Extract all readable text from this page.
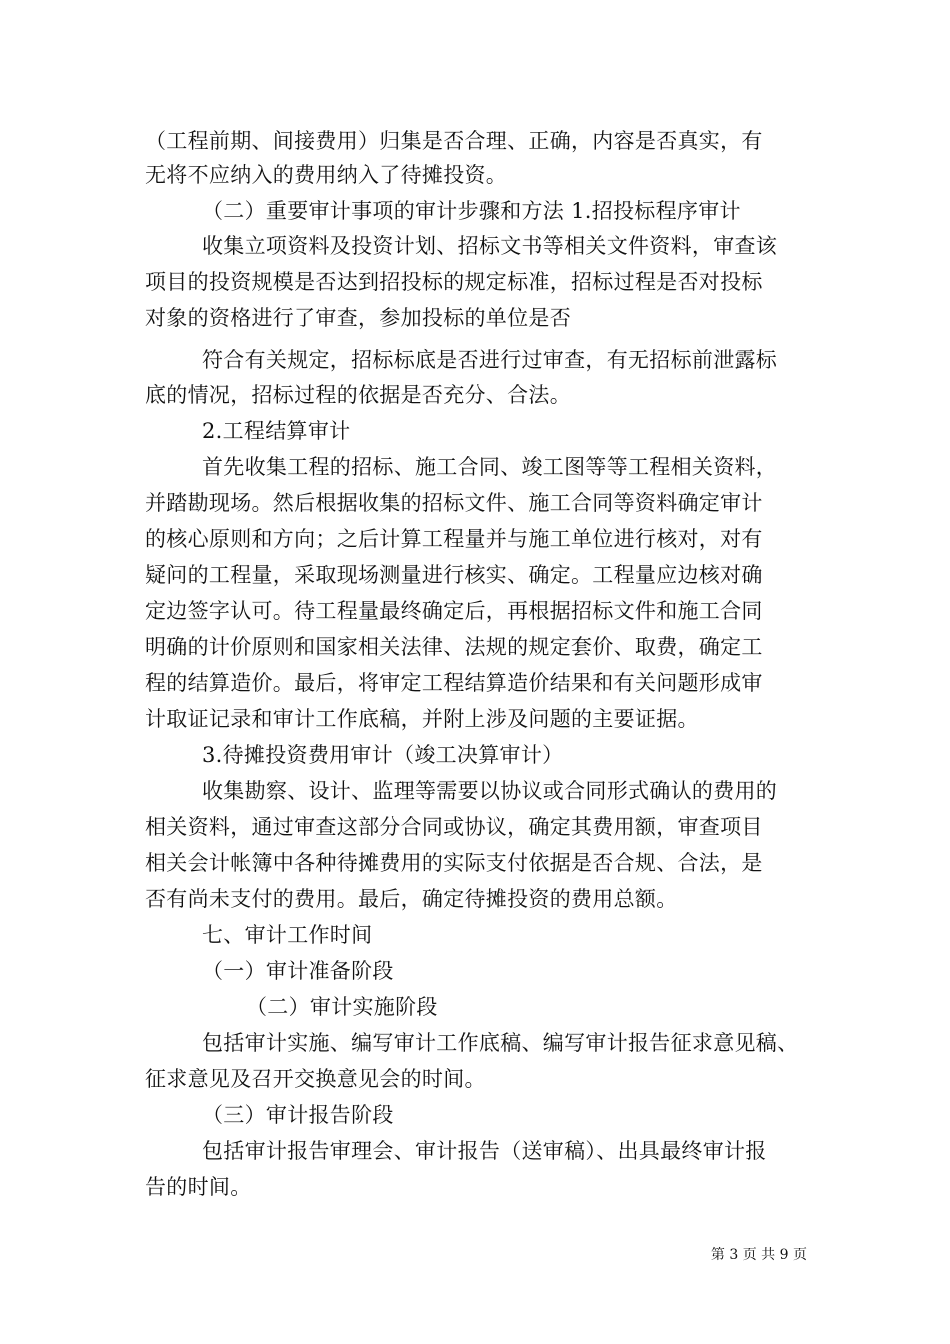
（工程前期、间接费用）归集是否合理、正确，内容是否真实，有
无将不应纳入的费用纳入了待摊投资。
（二）重要审计事项的审计步骤和方法 1.招投标程序审计
收集立项资料及投资计划、招标文书等相关文件资料，审查该
项目的投资规模是否达到招投标的规定标准，招标过程是否对投标
对象的资格进行了审查，参加投标的单位是否
符合有关规定，招标标底是否进行过审查，有无招标前泄露标
底的情况，招标过程的依据是否充分、合法。
2.工程结算审计
首先收集工程的招标、施工合同、竣工图等等工程相关资料，
并踏勘现场。然后根据收集的招标文件、施工合同等资料确定审计
的核心原则和方向；之后计算工程量并与施工单位进行核对，对有
疑问的工程量，采取现场测量进行核实、确定。工程量应边核对确
定边签字认可。待工程量最终确定后，再根据招标文件和施工合同
明确的计价原则和国家相关法律、法规的规定套价、取费，确定工
程的结算造价。最后，将审定工程结算造价结果和有关问题形成审
计取证记录和审计工作底稿，并附上涉及问题的主要证据。
3.待摊投资费用审计（竣工决算审计）
收集勘察、设计、监理等需要以协议或合同形式确认的费用的
相关资料，通过审查这部分合同或协议，确定其费用额，审查项目
相关会计帐簿中各种待摊费用的实际支付依据是否合规、合法，是
否有尚未支付的费用。最后，确定待摊投资的费用总额。
七、审计工作时间
（一）审计准备阶段
（二）审计实施阶段
包括审计实施、编写审计工作底稿、编写审计报告征求意见稿、
征求意见及召开交换意见会的时间。
（三）审计报告阶段
包括审计报告审理会、审计报告（送审稿）、出具最终审计报
告的时间。
第 3 页 共 9 页
